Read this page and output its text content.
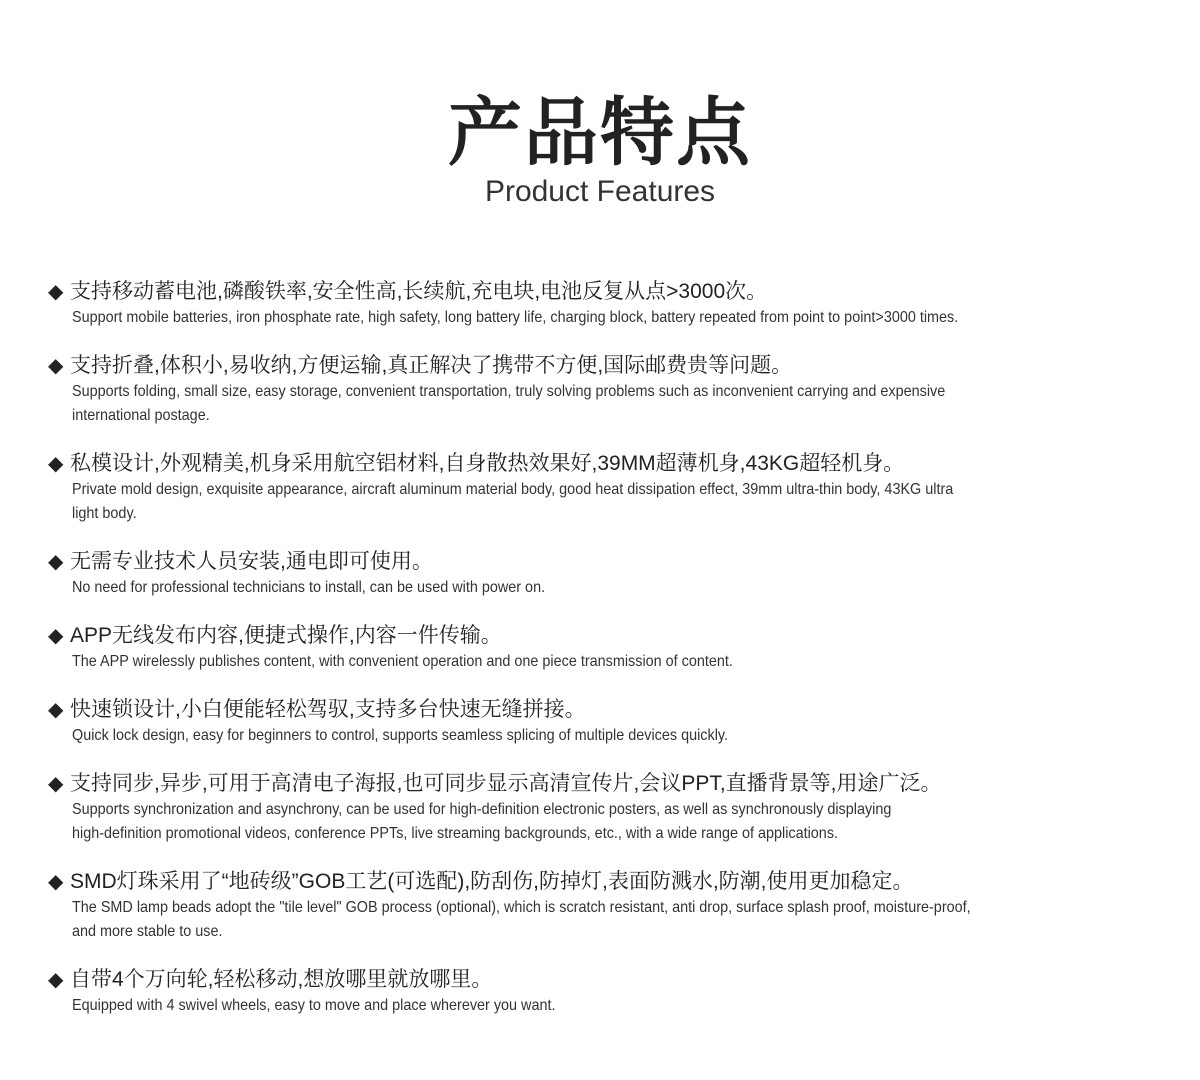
产品特点
Product Features
◆ 支持移动蓄电池,磷酸铁率,安全性高,长续航,充电块,电池反复从点>3000次。
Support mobile batteries, iron phosphate rate, high safety, long battery life, charging block, battery repeated from point to point>3000 times.
◆ 支持折叠,体积小,易收纳,方便运输,真正解决了携带不方便,国际邮费贵等问题。
Supports folding, small size, easy storage, convenient transportation, truly solving problems such as inconvenient carrying and expensive
international postage.
◆ 私模设计,外观精美,机身采用航空铝材料,自身散热效果好,39MM超薄机身,43KG超轻机身。
Private mold design, exquisite appearance, aircraft aluminum material body, good heat dissipation effect, 39mm ultra-thin body, 43KG ultra
light body.
◆ 无需专业技术人员安装,通电即可使用。
No need for professional technicians to install, can be used with power on.
◆ APP无线发布内容,便捷式操作,内容一件传输。
The APP wirelessly publishes content, with convenient operation and one piece transmission of content.
◆ 快速锁设计,小白便能轻松驾驭,支持多台快速无缝拼接。
Quick lock design, easy for beginners to control, supports seamless splicing of multiple devices quickly.
◆ 支持同步,异步,可用于高清电子海报,也可同步显示高清宣传片,会议PPT,直播背景等,用途广泛。
Supports synchronization and asynchrony, can be used for high-definition electronic posters, as well as synchronously displaying
high-definition promotional videos, conference PPTs, live streaming backgrounds, etc., with a wide range of applications.
◆ SMD灯珠采用了“地砖级”GOB工艺(可选配),防刮伤,防掉灯,表面防溅水,防潮,使用更加稳定。
The SMD lamp beads adopt the "tile level" GOB process (optional), which is scratch resistant, anti drop, surface splash proof, moisture-proof,
and more stable to use.
◆ 自带4个万向轮,轻松移动,想放哪里就放哪里。
Equipped with 4 swivel wheels, easy to move and place wherever you want.
